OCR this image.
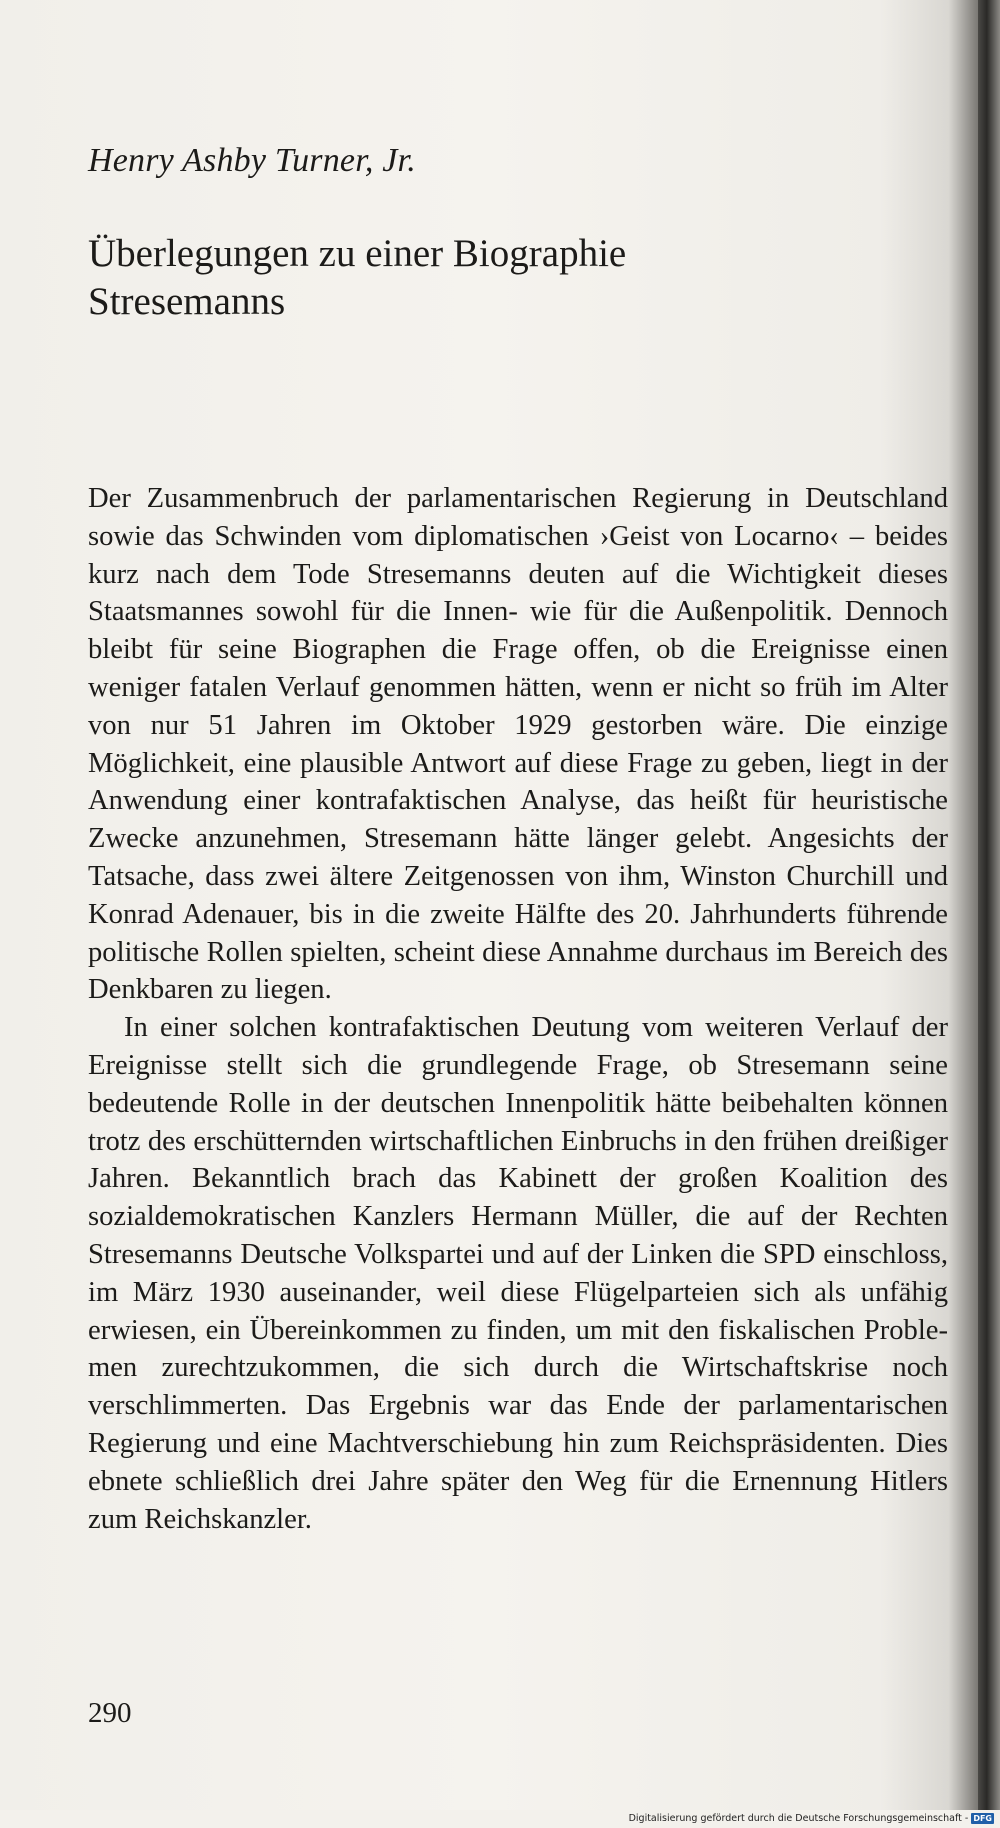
Henry Ashby Turner, Jr.

Überlegungen zu einer Biographie
Stresemanns

Der Zusammenbruch der parlamentarischen Regierung in Deutschland sowie das Schwinden vom diplomatischen ›Geist von Locarno‹ – beides kurz nach dem Tode Stresemanns deuten auf die Wichtigkeit dieses Staatsmannes sowohl für die Innen- wie für die Außenpolitik. Dennoch bleibt für seine Biographen die Frage offen, ob die Ereignisse einen weniger fatalen Verlauf genommen hätten, wenn er nicht so früh im Alter von nur 51 Jahren im Oktober 1929 gestorben wäre. Die einzige Möglichkeit, eine plausible Antwort auf diese Frage zu geben, liegt in der Anwendung einer kontrafaktischen Analyse, das heißt für heuristische Zwecke anzunehmen, Stresemann hätte länger gelebt. Angesichts der Tatsache, dass zwei ältere Zeitgenossen von ihm, Winston Churchill und Konrad Adenauer, bis in die zweite Hälfte des 20. Jahrhunderts führende politische Rollen spielten, scheint diese Annahme durchaus im Bereich des Denkbaren zu liegen.

In einer solchen kontrafaktischen Deutung vom weiteren Verlauf der Ereignisse stellt sich die grundlegende Frage, ob Stresemann seine bedeutende Rolle in der deutschen Innenpolitik hätte beibehalten können trotz des erschütternden wirtschaftlichen Einbruchs in den frühen dreißiger Jahren. Bekanntlich brach das Kabinett der großen Koalition des sozialdemokratischen Kanzlers Hermann Müller, die auf der Rechten Stresemanns Deutsche Volkspartei und auf der Linken die SPD einschloss, im März 1930 auseinander, weil diese Flügelparteien sich als unfähig erwiesen, ein Übereinkommen zu finden, um mit den fiskalischen Problemen zurechtzukommen, die sich durch die Wirtschaftskrise noch verschlimmerten. Das Ergebnis war das Ende der parlamentarischen Regierung und eine Machtverschiebung hin zum Reichspräsidenten. Dies ebnete schließlich drei Jahre später den Weg für die Ernennung Hitlers zum Reichskanzler.

290

Digitalisierung gefördert durch die Deutsche Forschungsgemeinschaft - DFG
